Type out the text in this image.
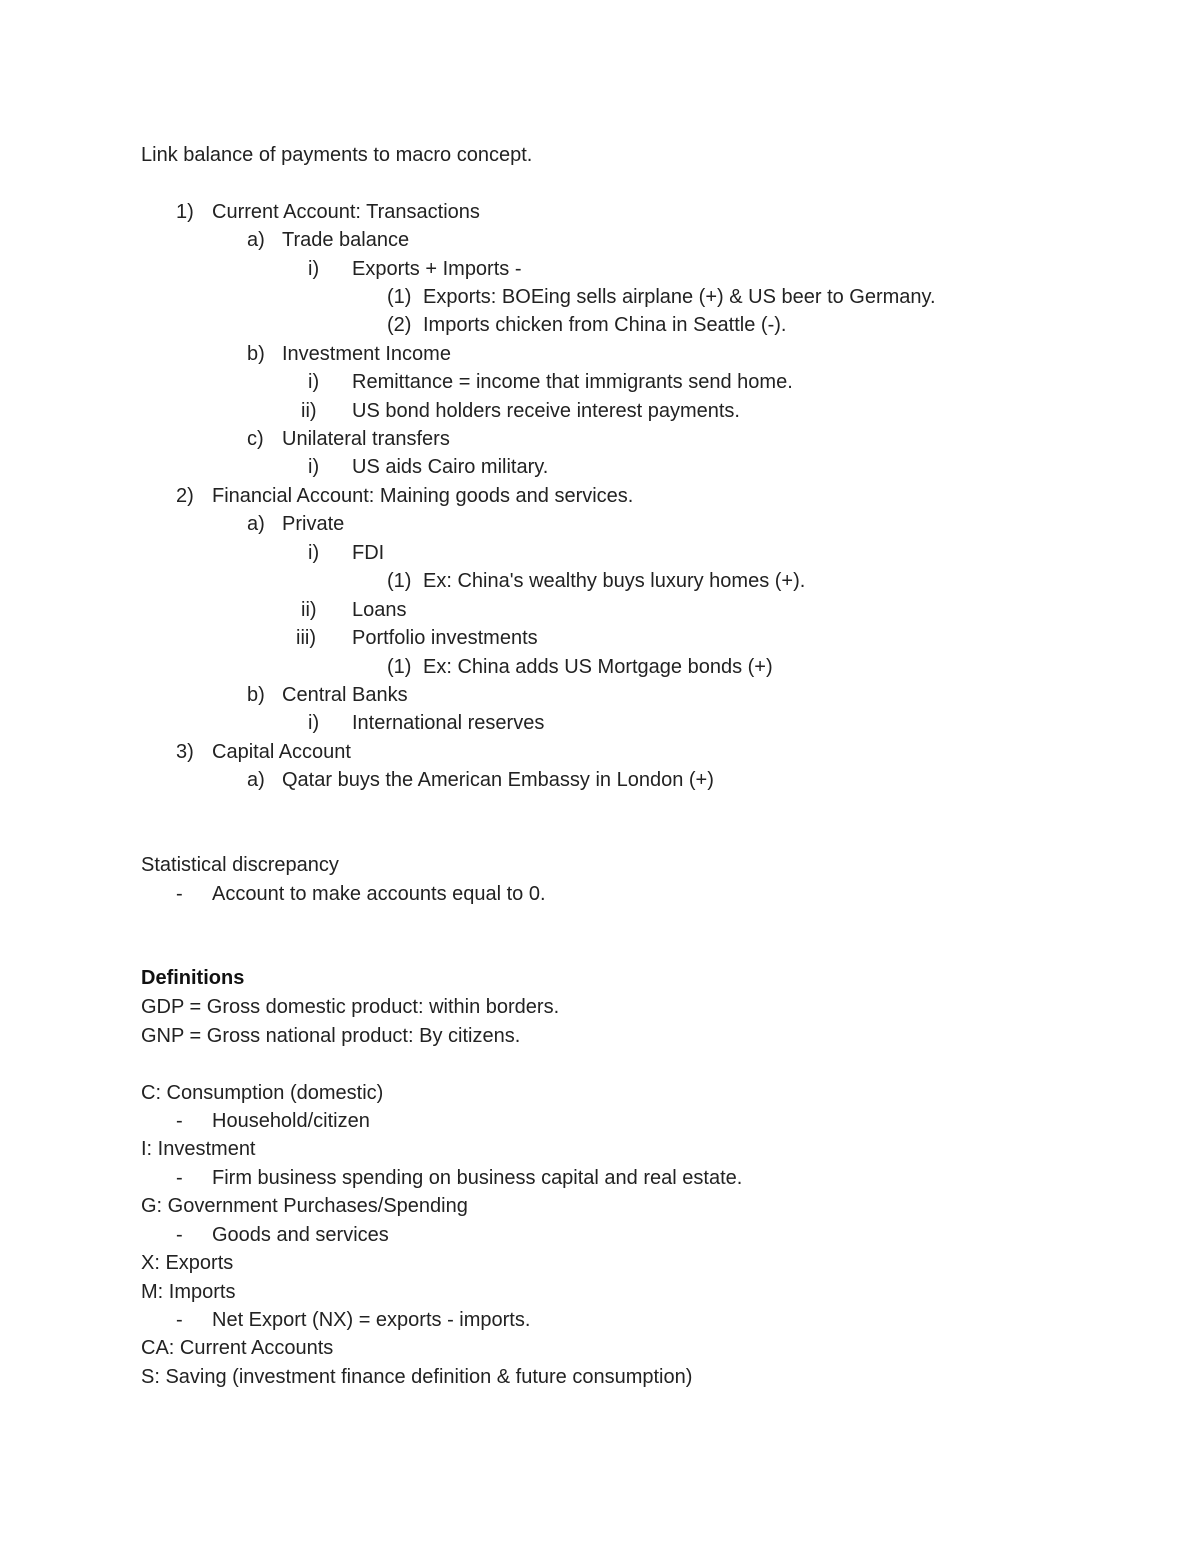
Link balance of payments to macro concept.
1) Current Account: Transactions
a) Trade balance
i) Exports + Imports -
(1) Exports: BOEing sells airplane (+) & US beer to Germany.
(2) Imports chicken from China in Seattle (-).
b) Investment Income
i) Remittance = income that immigrants send home.
ii) US bond holders receive interest payments.
c) Unilateral transfers
i) US aids Cairo military.
2) Financial Account: Maining goods and services.
a) Private
i) FDI
(1) Ex: China's wealthy buys luxury homes (+).
ii) Loans
iii) Portfolio investments
(1) Ex: China adds US Mortgage bonds (+)
b) Central Banks
i) International reserves
3) Capital Account
a) Qatar buys the American Embassy in London (+)
Statistical discrepancy
- Account to make accounts equal to 0.
Definitions
GDP = Gross domestic product: within borders.
GNP = Gross national product: By citizens.
C: Consumption (domestic)
- Household/citizen
I: Investment
- Firm business spending on business capital and real estate.
G: Government Purchases/Spending
- Goods and services
X: Exports
M: Imports
- Net Export (NX) = exports - imports.
CA: Current Accounts
S: Saving (investment finance definition & future consumption)
